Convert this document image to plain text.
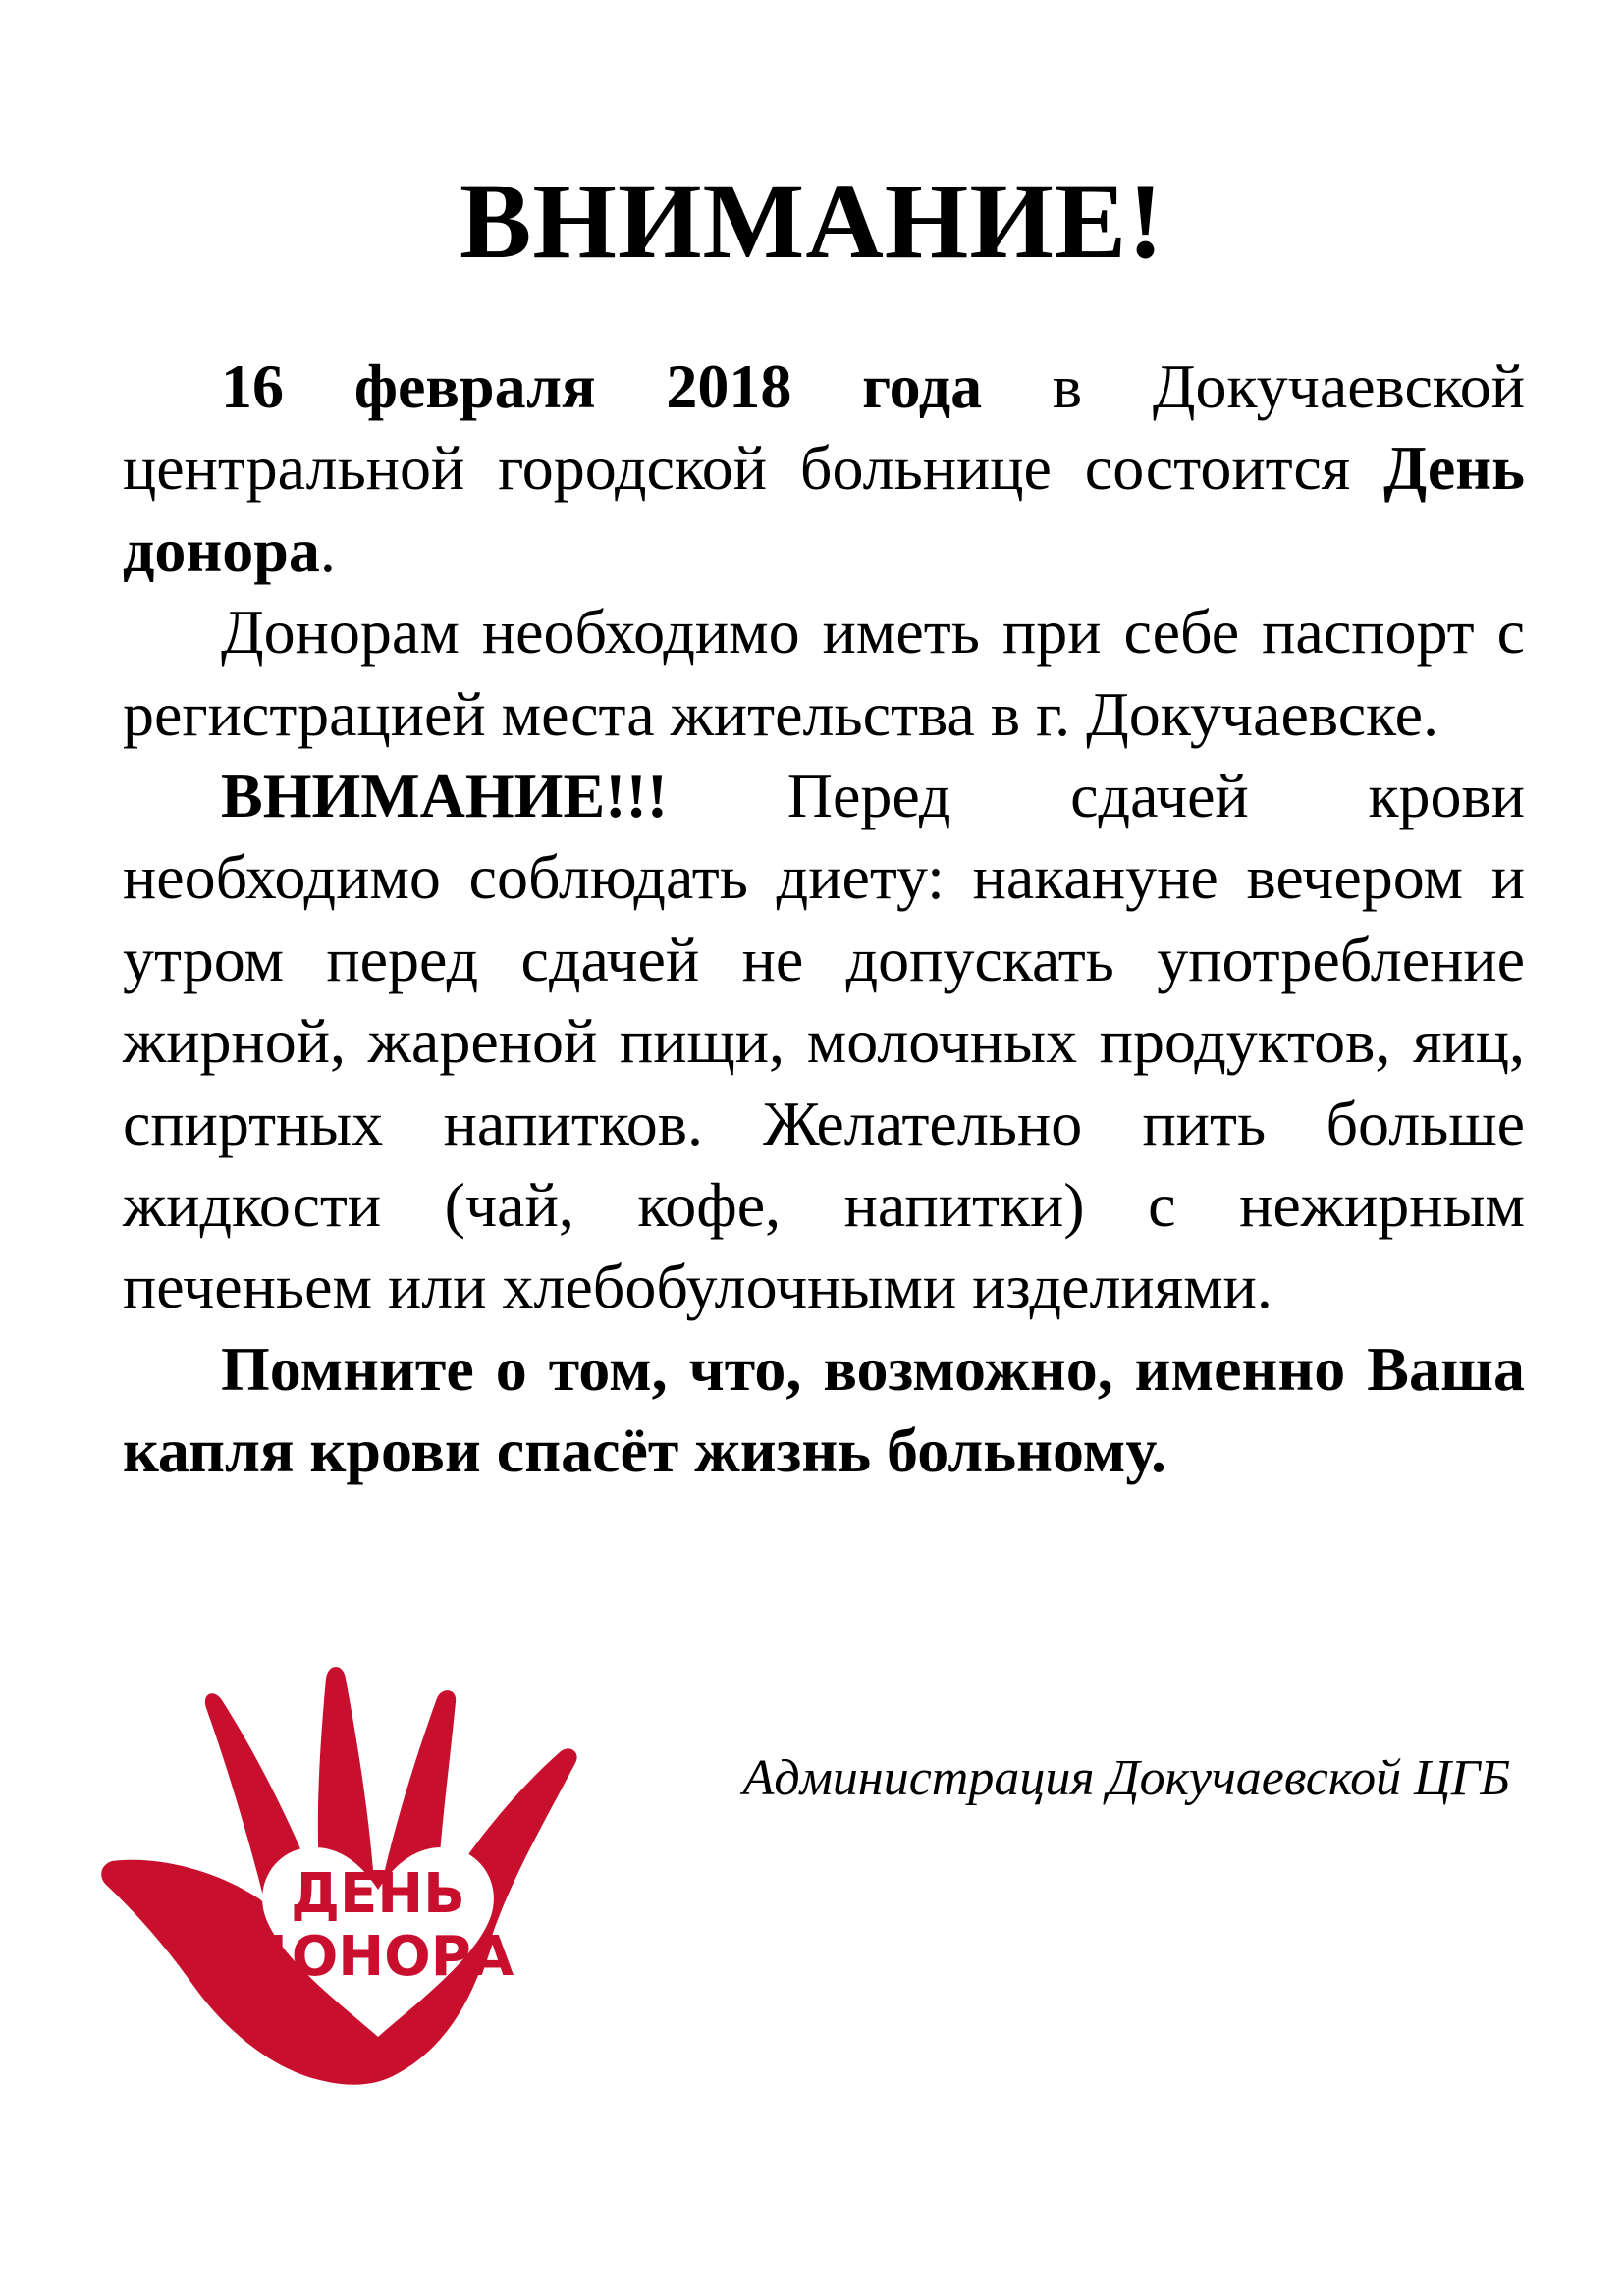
ВНИМАНИЕ!

16 февраля 2018 года в Докучаевской центральной городской больнице состоится День донора.

Донорам необходимо иметь при себе паспорт с регистрацией места жительства в г. Докучаевске.

ВНИМАНИЕ!!! Перед сдачей крови необходимо соблюдать диету: накануне вечером и утром перед сдачей не допускать употребление жирной, жареной пищи, молочных продуктов, яиц, спиртных напитков. Желательно пить больше жидкости (чай, кофе, напитки) с нежирным печеньем или хлебобулочными изделиями.

Помните о том, что, возможно, именно Ваша капля крови спасёт жизнь больному.

ДЕНЬ
ДОНОРА
Администрация Докучаевской ЦГБ
